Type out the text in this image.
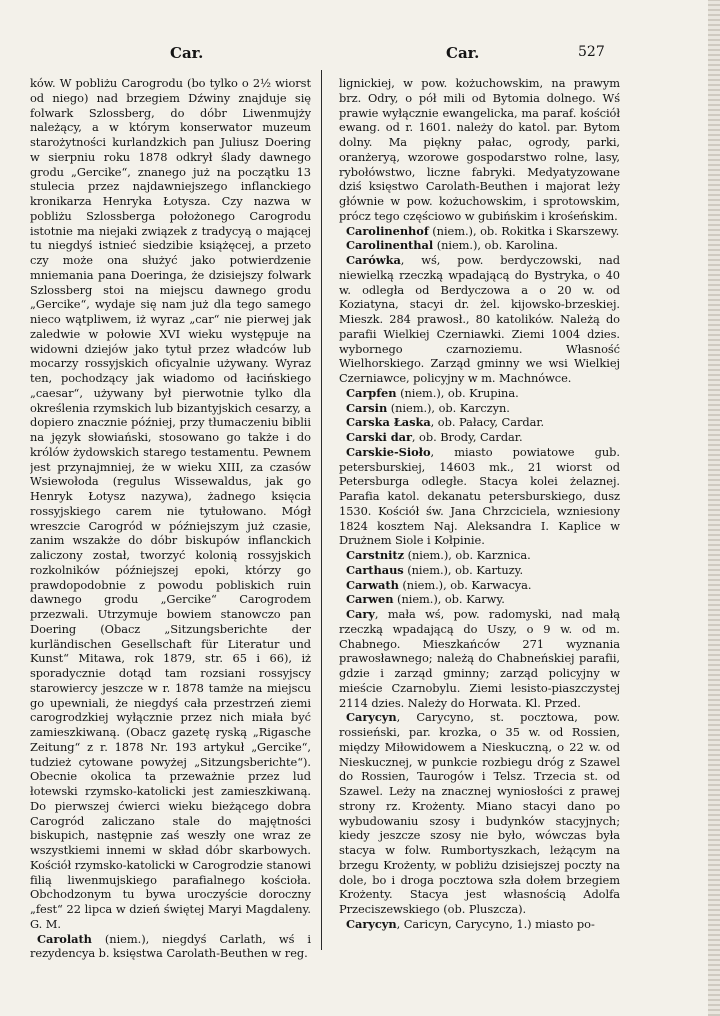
Car.	Car.	527

ków. W pobliżu Carogrodu (bo tylko o 2½ wiorst od niego) nad brzegiem Dźwiny znajduje się folwark Szlossberg, do dóbr Liwenmujży należący, a w którym konserwator muzeum starożytności kurlandzkich pan Juliusz Doering w sierpniu roku 1878 odkrył ślady dawnego grodu „Gercike“, znanego już na początku 13 stulecia przez najdawniejszego inflanckiego kronikarza Henryka Łotysza. Czy nazwa w pobliżu Szlossberga położonego Carogrodu istotnie ma niejaki związek z tradycyą o mającej tu niegdyś istnieć siedzibie książęcej, a przeto czy może ona służyć jako potwierdzenie mniemania pana Doeringa, że dzisiejszy folwark Szlossberg stoi na miejscu dawnego grodu „Gercike“, wydaje się nam już dla tego samego nieco wątpliwem, iż wyraz „car“ nie pierwej jak zaledwie w połowie XVI wieku występuje na widowni dziejów jako tytuł przez władców lub mocarzy rossyjskich oficyalnie używany. Wyraz ten, pochodzący jak wiadomo od łacińskiego „caesar“, używany był pierwotnie tylko dla określenia rzymskich lub bizantyjskich cesarzy, a dopiero znacznie później, przy tłumaczeniu biblii na język słowiański, stosowano go także i do królów żydowskich starego testamentu. Pewnem jest przynajmniej, że w wieku XIII, za czasów Wsiewołoda (regulus Wissewaldus, jak go Henryk Łotysz nazywa), żadnego księcia rossyjskiego carem nie tytułowano. Mógł wreszcie Carogród w późniejszym już czasie, zanim wszakże do dóbr biskupów inflanckich zaliczony został, tworzyć kolonią rossyjskich rozkolników późniejszej epoki, którzy go prawdopodobnie z powodu pobliskich ruin dawnego grodu „Gercike“ Carogrodem przezwali. Utrzymuje bowiem stanowczo pan Doering (Obacz „Sitzungsberichte der kurländischen Gesellschaft für Literatur und Kunst“ Mitawa, rok 1879, str. 65 i 66), iż sporadycznie dotąd tam rozsiani rossyjscy starowiercy jeszcze w r. 1878 tamże na miejscu go upewniali, że niegdyś cała przestrzeń ziemi carogrodzkiej wyłącznie przez nich miała być zamieszkiwaną. (Obacz gazetę ryską „Rigasche Zeitung“ z r. 1878 Nr. 193 artykuł „Gercike“, tudzież cytowane powyżej „Sitzungsberichte“). Obecnie okolica ta przeważnie przez lud łotewski rzymsko-katolicki jest zamieszkiwaną. Do pierwszej ćwierci wieku bieżącego dobra Carogród zaliczano stale do majętności biskupich, następnie zaś weszły one wraz ze wszystkiemi innemi w skład dóbr skarbowych. Kościół rzymsko-katolicki w Carogrodzie stanowi filią liwenmujskiego parafialnego kościoła. Obchodzonym tu bywa uroczyście doroczny „fest“ 22 lipca w dzień świętej Maryi Magdaleny. G. M.

Carolath (niem.), niegdyś Carlath, wś i rezydencya b. księstwa Carolath-Beuthen w reg.

lignickiej, w pow. kożuchowskim, na prawym brz. Odry, o pół mili od Bytomia dolnego. Wś prawie wyłącznie ewangelicka, ma paraf. kościół ewang. od r. 1601. należy do katol. par. Bytom dolny. Ma piękny pałac, ogrody, parki, oranżeryą, wzorowe gospodarstwo rolne, lasy, rybołówstwo, liczne fabryki. Medyatyzowane dziś księstwo Carolath-Beuthen i majorat leży głównie w pow. kożuchowskim, i sprotowskim, prócz tego częściowo w gubińskim i krośeńskim.

Carolinenhof (niem.), ob. Rokitka i Skarszewy.

Carolinenthal (niem.), ob. Karolina.

Carówka, wś, pow. berdyczowski, nad niewielką rzeczką wpadającą do Bystryka, o 40 w. odległa od Berdyczowa a o 20 w. od Koziatyna, stacyi dr. żel. kijowsko-brzeskiej. Mieszk. 284 prawosł., 80 katolików. Należą do parafii Wielkiej Czerniawki. Ziemi 1004 dzies. wybornego czarnoziemu. Własność Wielhorskiego. Zarząd gminny we wsi Wielkiej Czerniawce, policyjny w m. Machnówce.

Carpfen (niem.), ob. Krupina.

Carsin (niem.), ob. Karczyn.

Carska Łaska, ob. Pałacy, Cardar.

Carski dar, ob. Brody, Cardar.

Carskie-Sioło, miasto powiatowe gub. petersburskiej, 14603 mk., 21 wiorst od Petersburga odległe. Stacya kolei żelaznej. Parafia katol. dekanatu petersburskiego, dusz 1530. Kościół św. Jana Chrzciciela, wzniesiony 1824 kosztem Naj. Aleksandra I. Kaplice w Drużnem Siole i Kołpinie.

Carstnitz (niem.), ob. Karznica.

Carthaus (niem.), ob. Kartuzy.

Carwath (niem.), ob. Karwacya.

Carwen (niem.), ob. Karwy.

Cary, mała wś, pow. radomyski, nad małą rzeczką wpadającą do Uszy, o 9 w. od m. Chabnego. Mieszkańców 271 wyznania prawosławnego; należą do Chabneńskiej parafii, gdzie i zarząd gminny; zarząd policyjny w mieście Czarnobylu. Ziemi lesisto-piaszczystej 2114 dzies. Należy do Horwata. Kl. Przed.

Carycyn, Carycyno, st. pocztowa, pow. rossieński, par. krozka, o 35 w. od Rossien, między Miłowidowem a Nieskuczną, o 22 w. od Nieskucznej, w punkcie rozbiegu dróg z Szawel do Rossien, Taurogów i Telsz. Trzecia st. od Szawel. Leży na znacznej wyniosłości z prawej strony rz. Krożenty. Miano stacyi dano po wybudowaniu szosy i budynków stacyjnych; kiedy jeszcze szosy nie było, wówczas była stacya w folw. Rumbortyszkach, leżącym na brzegu Krożenty, w pobliżu dzisiejszej poczty na dole, bo i droga pocztowa szła dołem brzegiem Krożenty. Stacya jest własnością Adolfa Przeciszewskiego (ob. Pluszcza).

Carycyn, Caricyn, Carycyno, 1.) miasto po-
